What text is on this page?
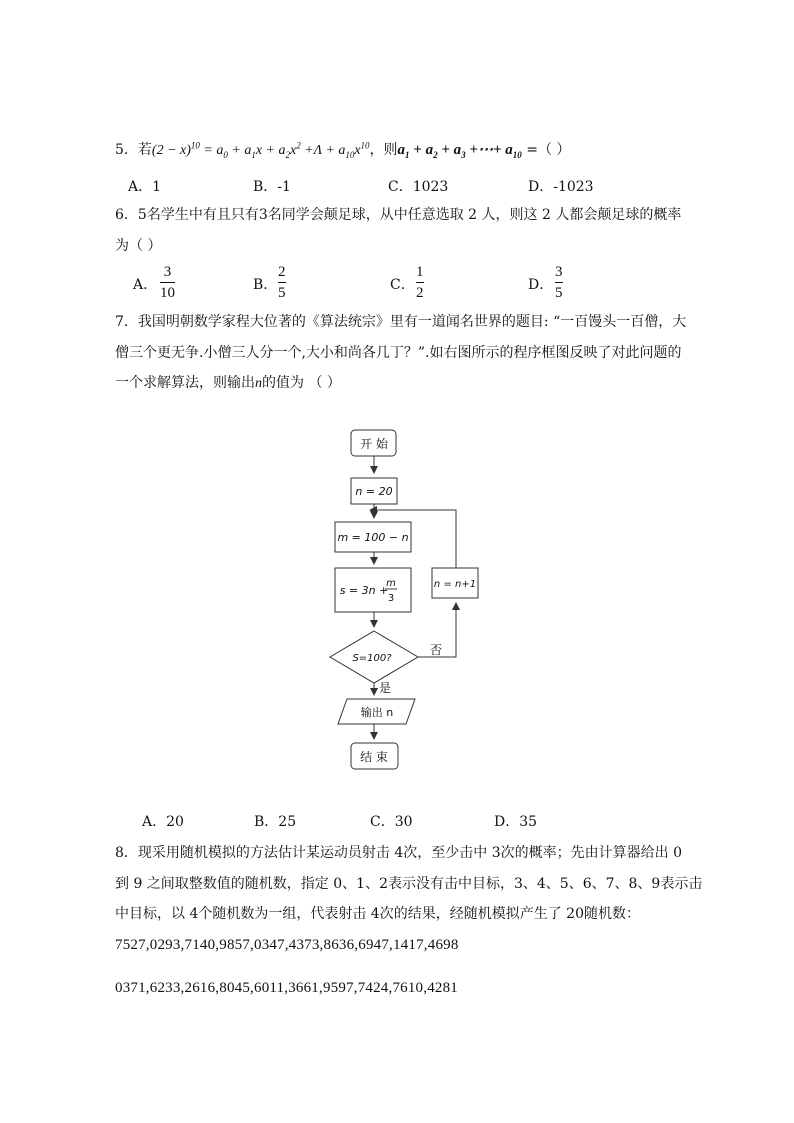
5．若$(2 - x)^{10} = a_0 + a_1x + a_2x^2 +\Lambda + a_{10}x^{10}$，则$a_1 + a_2 + a_3$ +⋯+ $a_{10}$ =（ ）
A．1	B．-1	C．1023	D．-1023
6．5名学生中有且只有3名同学会颠足球，从中任意选取 2 人，则这 2 人都会颠足球的概率
为（ ）
A．
3
10	B．
2
5	C．
1
2	D．
3
5
7．我国明朝数学家程大位著的《算法统宗》里有一道闻名世界的题目: “一百馒头一百僧，大
僧三个更无争.小僧三人分一个,大小和尚各几丁？”.如右图所示的程序框图反映了对此问题的
一个求解算法，则输出n的值为 （ ）
开 始
n = 20
m = 100 − n
s = 3n +
m
3
S=100?
是
否
n = n+1
输出 n
结 束
A．20	B．25	C．30	D．35
8．现采用随机模拟的方法估计某运动员射击 4次，至少击中 3次的概率；先由计算器给出 0
到 9 之间取整数值的随机数，指定 0、1、2表示没有击中目标，3、4、5、6、7、8、9表示击
中目标，以 4个随机数为一组，代表射击 4次的结果，经随机模拟产生了 20随机数：
7527,0293,7140,9857,0347,4373,8636,6947,1417,4698
0371,6233,2616,8045,6011,3661,9597,7424,7610,4281
